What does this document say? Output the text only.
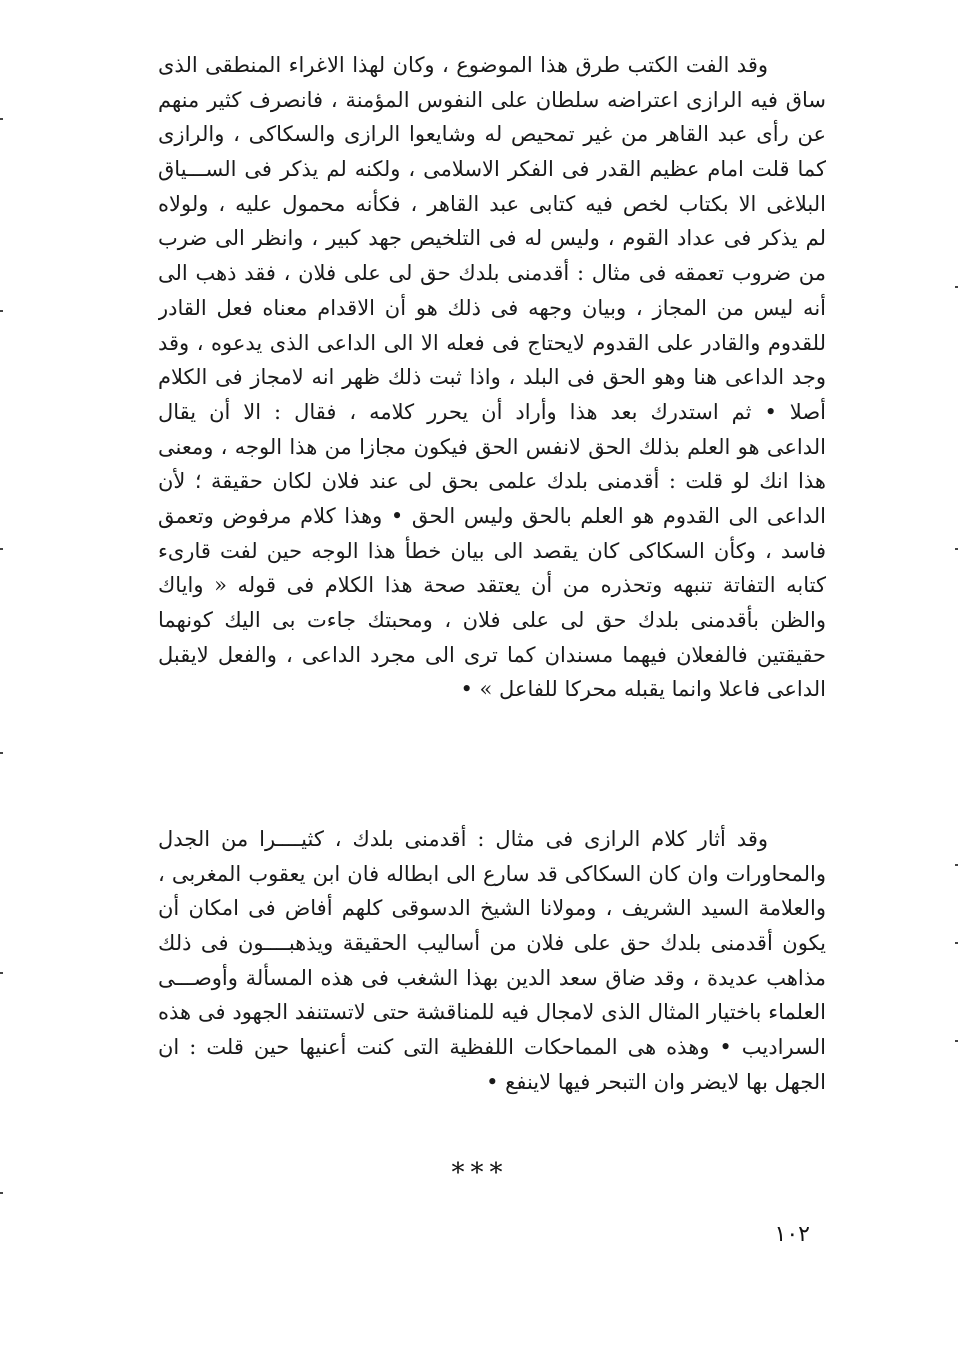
وقد الفت الكتب طرق هذا الموضوع ، وكان لهذا الاغراء المنطقى الذى
ساق فيه الرازى اعتراضه سلطان على النفوس المؤمنة ، فانصرف كثير منهم
عن رأى عبد القاهر من غير تمحيص له وشايعوا الرازى والسكاكى ، والرازى
كما قلت امام عظيم القدر فى الفكر الاسلامى ، ولكنه لم يذكر فى الســـياق
البلاغى الا بكتاب لخص فيه كتابى عبد القاهر ، فكأنه محمول عليه ، ولولاه
لم يذكر فى عداد القوم ، وليس له فى التلخيص جهد كبير ، وانظر الى ضرب
من ضروب تعمقه فى مثال : أقدمنى بلدك حق لى على فلان ، فقد ذهب الى
أنه ليس من المجاز ، وبيان وجهه فى ذلك هو أن الاقدام معناه فعل القادر
للقدوم والقادر على القدوم لايحتاج فى فعله الا الى الداعى الذى يدعوه ، وقد
وجد الداعى هنا وهو الحق فى البلد ، واذا ثبت ذلك ظهر انه لامجاز فى الكلام
أصلا • ثم استدرك بعد هذا وأراد أن يحرر كلامه ، فقال : الا أن يقال
الداعى هو العلم بذلك الحق لانفس الحق فيكون مجازا من هذا الوجه ، ومعنى
هذا انك لو قلت : أقدمنى بلدك علمى بحق لى عند فلان لكان حقيقة ؛ لأن
الداعى الى القدوم هو العلم بالحق وليس الحق • وهذا كلام مرفوض وتعمق
فاسد ، وكأن السكاكى كان يقصد الى بيان خطأ هذا الوجه حين لفت قارىء
كتابه التفاتة تنبهه وتحذره من أن يعتقد صحة هذا الكلام فى قوله « واياك
والظن بأقدمنى بلدك حق لى على فلان ، ومحبتك جاءت بى اليك كونهما
حقيقتين فالفعلان فيهما مسندان كما ترى الى مجرد الداعى ، والفعل لايقبل
الداعى فاعلا وانما يقبله محركا للفاعل » •
وقد أثار كلام الرازى فى مثال : أقدمنى بلدك ، كثيــــرا من الجدل
والمحاورات وان كان السكاكى قد سارع الى ابطاله فان ابن يعقوب المغربى ،
والعلامة السيد الشريف ، ومولانا الشيخ الدسوقى كلهم أفاض فى امكان أن
يكون أقدمنى بلدك حق على فلان من أساليب الحقيقة ويذهبــــون فى ذلك
مذاهب عديدة ، وقد ضاق سعد الدين بهذا الشغب فى هذه المسألة وأوصـــى
العلماء باختيار المثال الذى لامجال فيه للمناقشة حتى لاتستنفد الجهود فى هذه
السراديب • وهذه هى المماحكات اللفظية التى كنت أعنيها حين قلت : ان
الجهل بها لايضر وان التبحر فيها لاينفع •
***
١٠٢
